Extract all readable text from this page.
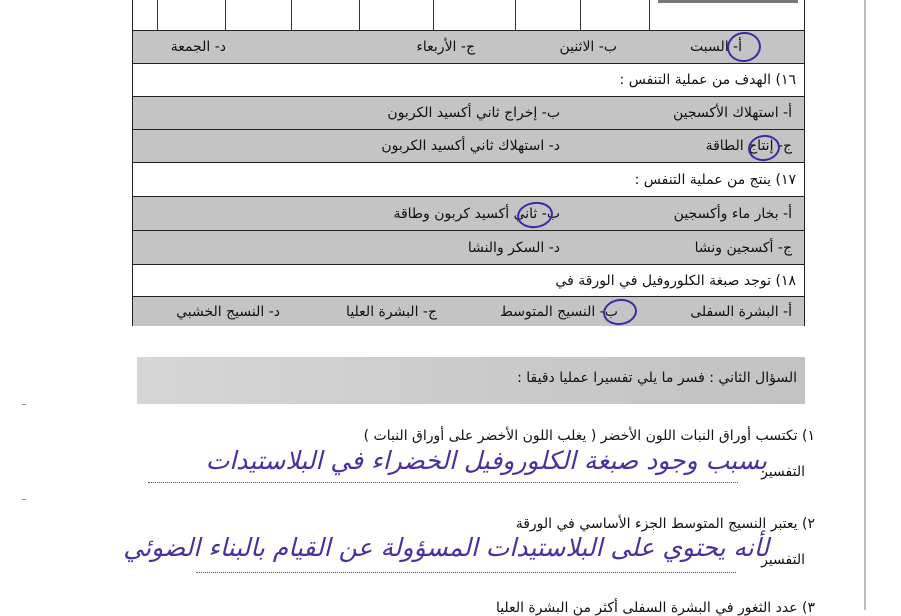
أ- السبت
ب- الاثنين
ج- الأربعاء
د- الجمعة
١٦) الهدف من عملية التنفس :
أ- استهلاك الأكسجين
ب- إخراج ثاني أكسيد الكربون
ج- إنتاج الطاقة
د- استهلاك ثاني أكسيد الكربون
١٧) ينتج من عملية التنفس :
أ- بخار ماء وأكسجين
ب- ثاني أكسيد كربون وطاقة
ج- أكسجين ونشا
د- السكر والنشا
١٨) توجد صبغة الكلوروفيل في الورقة في
أ- البشرة السفلى
ب- النسيج المتوسط
ج- البشرة العليا
د- النسيج الخشبي
السؤال الثاني : فسر ما يلي تفسيرا عمليا دقيقا :
١) تكتسب أوراق النبات اللون الأخضر ( يغلب اللون الأخضر على أوراق النبات )
التفسير
بسبب وجود صبغة الكلوروفيل الخضراء في البلاستيدات
٢) يعتبر النسيج المتوسط الجزء الأساسي في الورقة
التفسير
لأنه يحتوي على البلاستيدات المسؤولة عن القيام بالبناء الضوئي
٣) عدد الثغور في البشرة السفلى أكثر من البشرة العليا
